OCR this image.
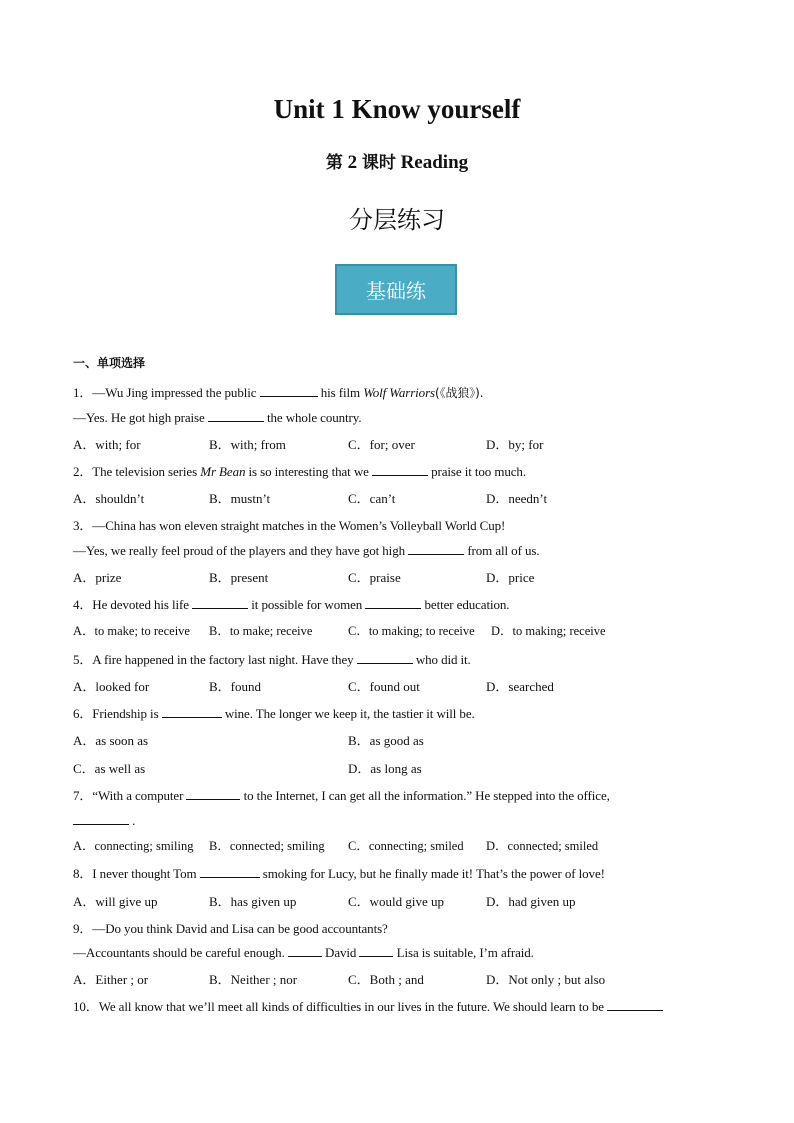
Unit 1 Know yourself
第 2 课时 Reading
分层练习
基础练
一、单项选择
1．—Wu Jing impressed the public	his film Wolf Warriors(《战狼》).
—Yes. He got high praise	the whole country.
A．with; for	B．with; from	C．for; over	D．by; for
2．The television series Mr Bean is so interesting that we	praise it too much.
A．shouldn’t	B．mustn’t	C．can’t	D．needn’t
3．—China has won eleven straight matches in the Women’s Volleyball World Cup!
—Yes, we really feel proud of the players and they have got high	from all of us.
A．prize	B．present	C．praise	D．price
4．He devoted his life	it possible for women	better education.
A．to make; to receive B．to make; receive	C．to making; to receive D．to making; receive
5．A fire happened in the factory last night. Have they	who did it.
A．looked for	B．found	C．found out	D．searched
6．Friendship is	wine. The longer we keep it, the tastier it will be.
A．as soon as	B．as good as
C．as well as	D．as long as
7．“With a computer	to the Internet, I can get all the information.” He stepped into the office,
.
A．connecting; smiling B．connected; smiling C．connecting; smiled D．connected; smiled
8．I never thought Tom	smoking for Lucy, but he finally made it! That’s the power of love!
A．will give up	B．has given up	C．would give up	D．had given up
9．—Do you think David and Lisa can be good accountants?
—Accountants should be careful enough.	David	Lisa is suitable, I’m afraid.
A．Either ; or	B．Neither ; nor	C．Both ; and	D．Not only ; but also
10．We all know that we’ll meet all kinds of difficulties in our lives in the future. We should learn to be
